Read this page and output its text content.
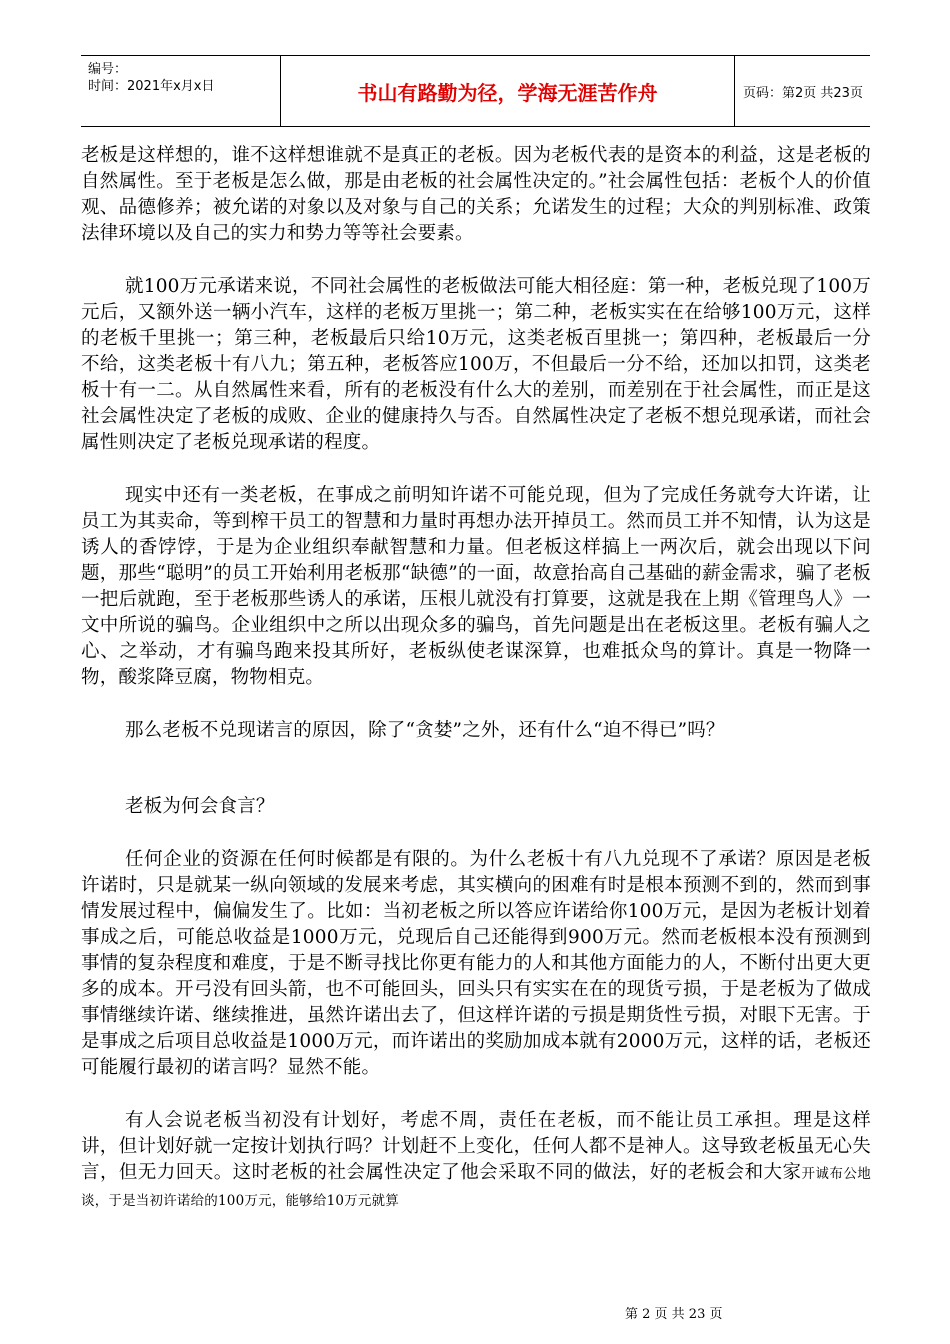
编号：
时间：2021年x月x日	书山有路勤为径，学海无涯苦作舟	页码：第2页 共23页

老板是这样想的，谁不这样想谁就不是真正的老板。因为老板代表的是资本的利益，这是老板的自然属性。至于老板是怎么做，那是由老板的社会属性决定的。”社会属性包括：老板个人的价值观、品德修养；被允诺的对象以及对象与自己的关系；允诺发生的过程；大众的判别标准、政策法律环境以及自己的实力和势力等等社会要素。

就100万元承诺来说，不同社会属性的老板做法可能大相径庭：第一种，老板兑现了100万元后，又额外送一辆小汽车，这样的老板万里挑一；第二种，老板实实在在给够100万元，这样的老板千里挑一；第三种，老板最后只给10万元，这类老板百里挑一；第四种，老板最后一分不给，这类老板十有八九；第五种，老板答应100万，不但最后一分不给，还加以扣罚，这类老板十有一二。从自然属性来看，所有的老板没有什么大的差别，而差别在于社会属性，而正是这社会属性决定了老板的成败、企业的健康持久与否。自然属性决定了老板不想兑现承诺，而社会属性则决定了老板兑现承诺的程度。

现实中还有一类老板，在事成之前明知许诺不可能兑现，但为了完成任务就夸大许诺，让员工为其卖命，等到榨干员工的智慧和力量时再想办法开掉员工。然而员工并不知情，认为这是诱人的香饽饽，于是为企业组织奉献智慧和力量。但老板这样搞上一两次后，就会出现以下问题，那些“聪明”的员工开始利用老板那“缺德”的一面，故意抬高自己基础的薪金需求，骗了老板一把后就跑，至于老板那些诱人的承诺，压根儿就没有打算要，这就是我在上期《管理鸟人》一文中所说的骗鸟。企业组织中之所以出现众多的骗鸟，首先问题是出在老板这里。老板有骗人之心、之举动，才有骗鸟跑来投其所好，老板纵使老谋深算，也难抵众鸟的算计。真是一物降一物，酸浆降豆腐，物物相克。

那么老板不兑现诺言的原因，除了“贪婪”之外，还有什么“迫不得已”吗？

老板为何会食言？

任何企业的资源在任何时候都是有限的。为什么老板十有八九兑现不了承诺？原因是老板许诺时，只是就某一纵向领域的发展来考虑，其实横向的困难有时是根本预测不到的，然而到事情发展过程中，偏偏发生了。比如：当初老板之所以答应许诺给你100万元，是因为老板计划着事成之后，可能总收益是1000万元，兑现后自己还能得到900万元。然而老板根本没有预测到事情的复杂程度和难度，于是不断寻找比你更有能力的人和其他方面能力的人，不断付出更大更多的成本。开弓没有回头箭，也不可能回头，回头只有实实在在的现货亏损，于是老板为了做成事情继续许诺、继续推进，虽然许诺出去了，但这样许诺的亏损是期货性亏损，对眼下无害。于是事成之后项目总收益是1000万元，而许诺出的奖励加成本就有2000万元，这样的话，老板还可能履行最初的诺言吗？显然不能。

有人会说老板当初没有计划好，考虑不周，责任在老板，而不能让员工承担。理是这样讲，但计划好就一定按计划执行吗？计划赶不上变化，任何人都不是神人。这导致老板虽无心失言，但无力回天。这时老板的社会属性决定了他会采取不同的做法，好的老板会和大家开诚布公地谈，于是当初许诺给的100万元，能够给10万元就算

第 2 页 共 23 页
